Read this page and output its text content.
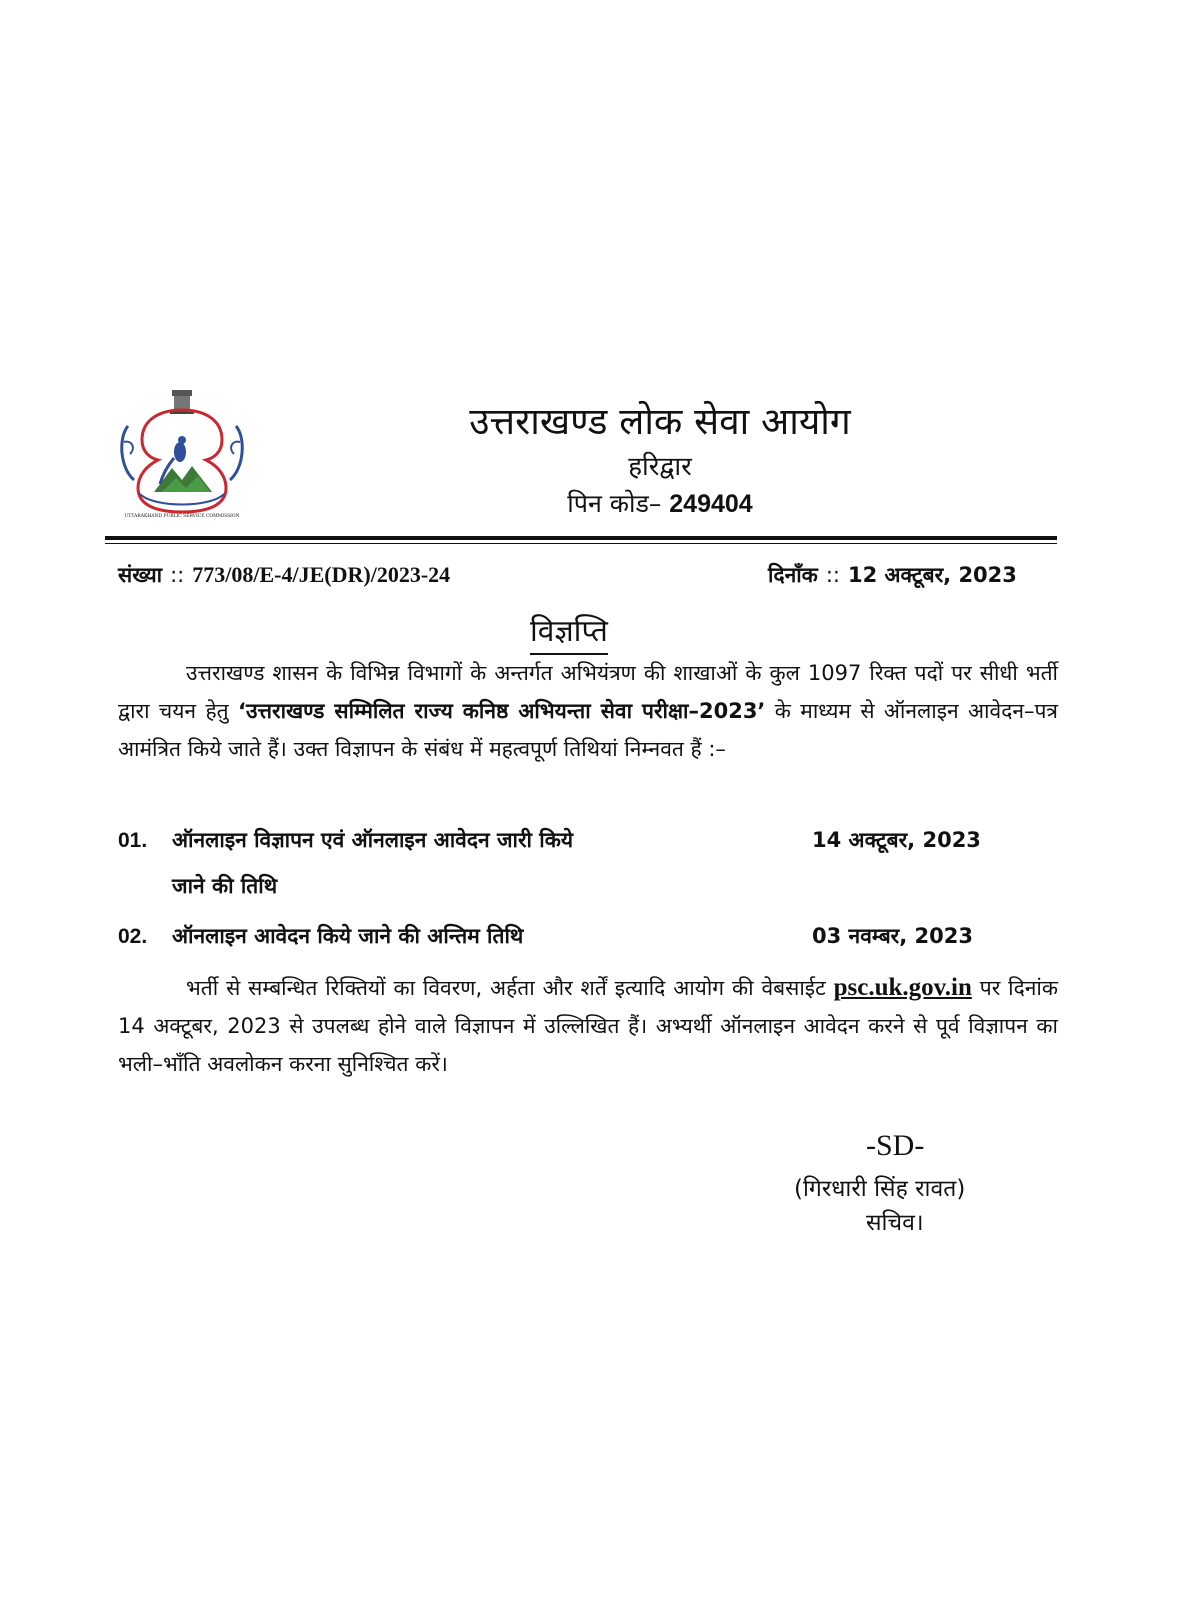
UTTARAKHAND PUBLIC SERVICE COMMISSION
उत्तराखण्ड लोक सेवा आयोग
हरिद्वार
पिन कोड– 249404
संख्या :: 773/08/E-4/JE(DR)/2023-24	दिनाँक :: 12 अक्टूबर, 2023
विज्ञप्ति
उत्तराखण्ड शासन के विभिन्न विभागों के अन्तर्गत अभियंत्रण की शाखाओं के कुल 1097 रिक्त पदों पर सीधी भर्ती द्वारा चयन हेतु ‘उत्तराखण्ड सम्मिलित राज्य कनिष्ठ अभियन्ता सेवा परीक्षा–2023’ के माध्यम से ऑनलाइन आवेदन–पत्र आमंत्रित किये जाते हैं। उक्त विज्ञापन के संबंध में महत्वपूर्ण तिथियां निम्नवत हैं :–
01. ऑनलाइन विज्ञापन एवं ऑनलाइन आवेदन जारी किये
जाने की तिथि
14 अक्टूबर, 2023
02. ऑनलाइन आवेदन किये जाने की अन्तिम तिथि	03 नवम्बर, 2023
भर्ती से सम्बन्धित रिक्तियों का विवरण, अर्हता और शर्तें इत्यादि आयोग की वेबसाईट psc.uk.gov.in पर दिनांक 14 अक्टूबर, 2023 से उपलब्ध होने वाले विज्ञापन में उल्लिखित हैं। अभ्यर्थी ऑनलाइन आवेदन करने से पूर्व विज्ञापन का भली–भाँति अवलोकन करना सुनिश्चित करें।
-SD-
(गिरधारी सिंह रावत)
सचिव।
